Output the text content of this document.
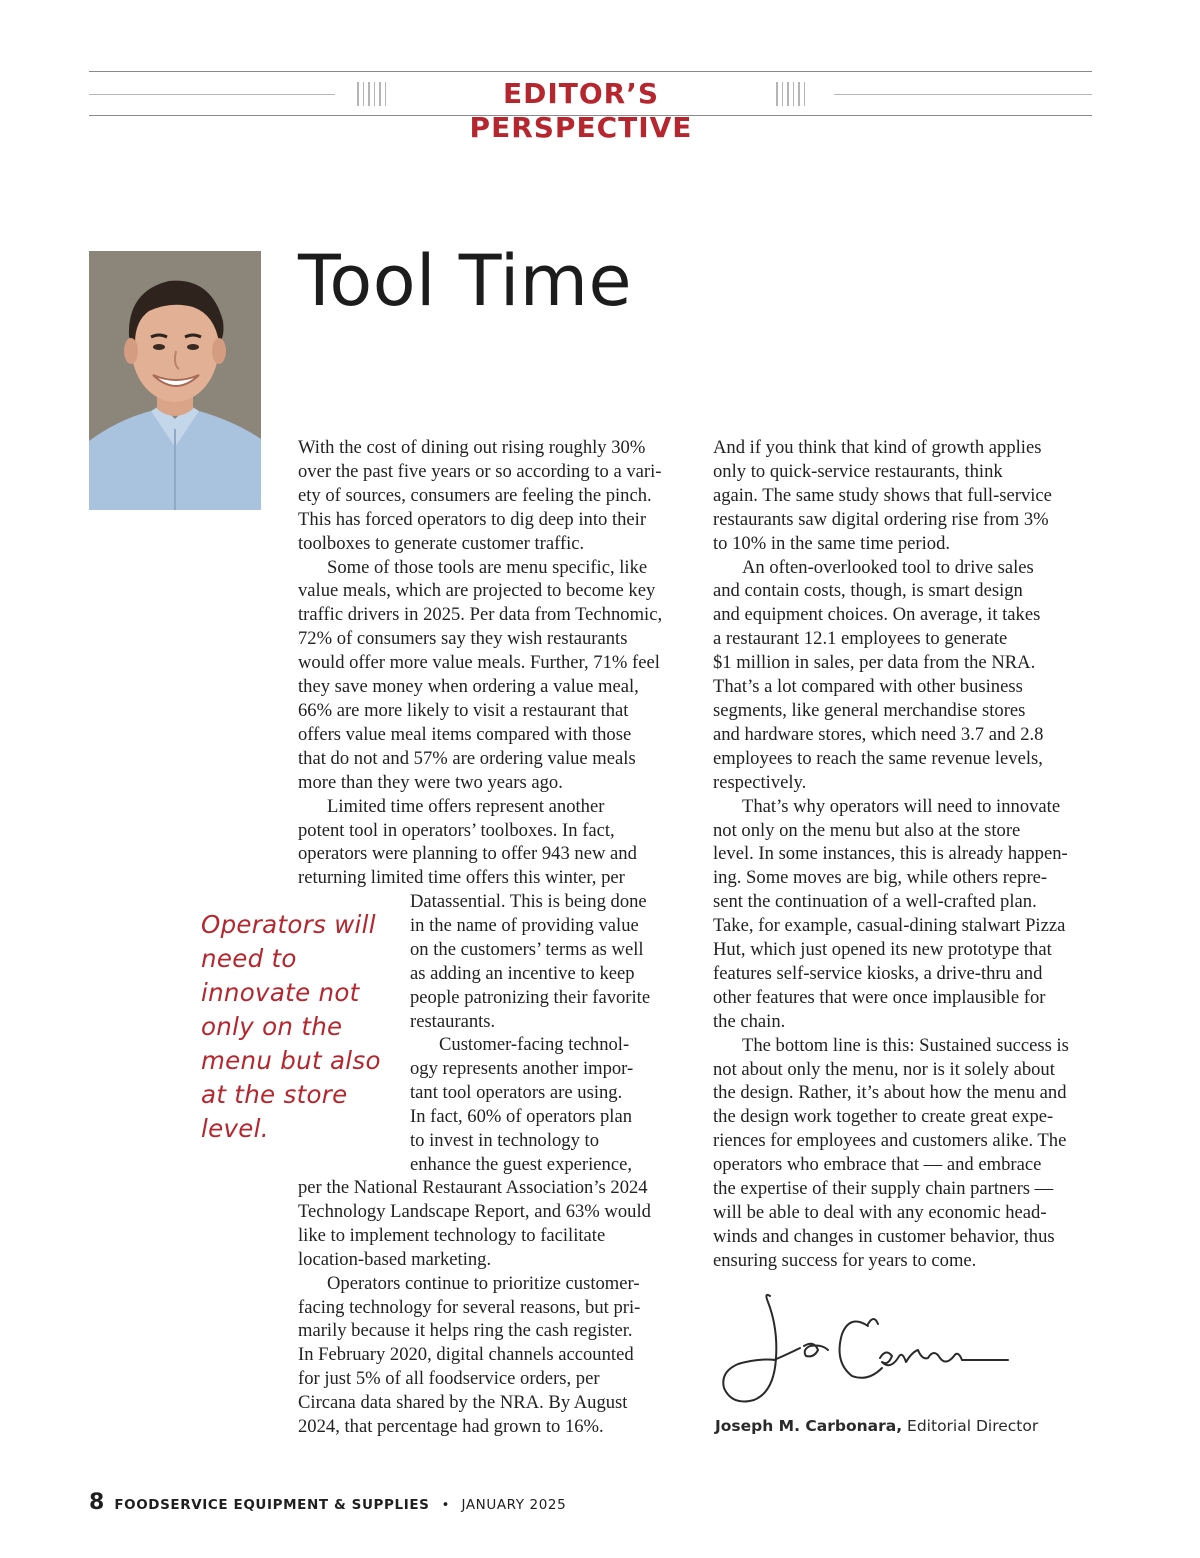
EDITOR’S PERSPECTIVE
Tool Time
With the cost of dining out rising roughly 30%
over the past five years or so according to a vari-
ety of sources, consumers are feeling the pinch.
This has forced operators to dig deep into their
toolboxes to generate customer traffic.
Some of those tools are menu specific, like
value meals, which are projected to become key
traffic drivers in 2025. Per data from Technomic,
72% of consumers say they wish restaurants
would offer more value meals. Further, 71% feel
they save money when ordering a value meal,
66% are more likely to visit a restaurant that
offers value meal items compared with those
that do not and 57% are ordering value meals
more than they were two years ago.
Limited time offers represent another
potent tool in operators’ toolboxes. In fact,
operators were planning to offer 943 new and
returning limited time offers this winter, per
Operators will
need to
innovate not
only on the
menu but also
at the store
level.
Datassential. This is being done
in the name of providing value
on the customers’ terms as well
as adding an incentive to keep
people patronizing their favorite
restaurants.
Customer-facing technol-
ogy represents another impor-
tant tool operators are using.
In fact, 60% of operators plan
to invest in technology to
enhance the guest experience,
per the National Restaurant Association’s 2024
Technology Landscape Report, and 63% would
like to implement technology to facilitate
location-based marketing.
Operators continue to prioritize customer-
facing technology for several reasons, but pri-
marily because it helps ring the cash register.
In February 2020, digital channels accounted
for just 5% of all foodservice orders, per
Circana data shared by the NRA. By August
2024, that percentage had grown to 16%.
And if you think that kind of growth applies
only to quick-service restaurants, think
again. The same study shows that full-service
restaurants saw digital ordering rise from 3%
to 10% in the same time period.
An often-overlooked tool to drive sales
and contain costs, though, is smart design
and equipment choices. On average, it takes
a restaurant 12.1 employees to generate
$1 million in sales, per data from the NRA.
That’s a lot compared with other business
segments, like general merchandise stores
and hardware stores, which need 3.7 and 2.8
employees to reach the same revenue levels,
respectively.
That’s why operators will need to innovate
not only on the menu but also at the store
level. In some instances, this is already happen-
ing. Some moves are big, while others repre-
sent the continuation of a well-crafted plan.
Take, for example, casual-dining stalwart Pizza
Hut, which just opened its new prototype that
features self-service kiosks, a drive-thru and
other features that were once implausible for
the chain.
The bottom line is this: Sustained success is
not about only the menu, nor is it solely about
the design. Rather, it’s about how the menu and
the design work together to create great expe-
riences for employees and customers alike. The
operators who embrace that — and embrace
the expertise of their supply chain partners —
will be able to deal with any economic head-
winds and changes in customer behavior, thus
ensuring success for years to come.
Joseph M. Carbonara, Editorial Director
8 FOODSERVICE EQUIPMENT & SUPPLIES • JANUARY 2025
